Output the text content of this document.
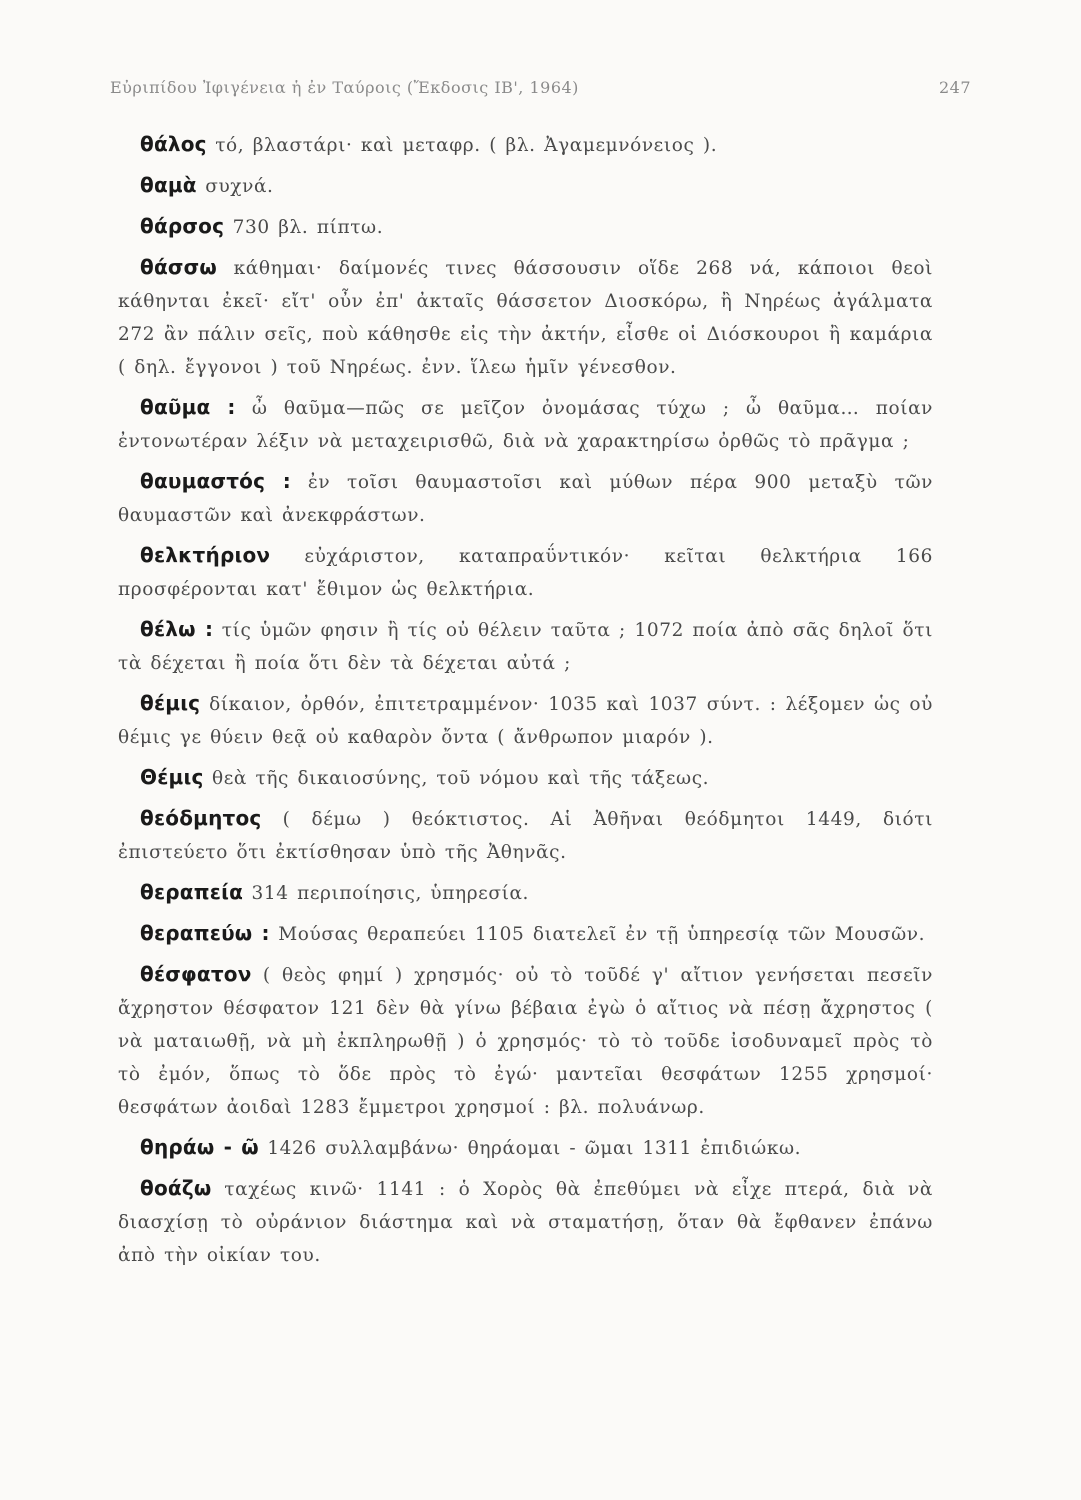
Εὐριπίδου Ἰφιγένεια ἡ ἐν Ταύροις (Ἔκδοσις ΙΒ', 1964)	247

θάλος τό, βλαστάρι· καὶ μεταφρ. ( βλ. Ἀγαμεμνόνειος ).

θαμὰ συχνά.

θάρσος 730 βλ. πίπτω.

θάσσω κάθημαι· δαίμονές τινες θάσσουσιν οἵδε 268 νά, κάποιοι θεοὶ κάθηνται ἐκεῖ· εἴτ' οὖν ἐπ' ἀκταῖς θάσσετον Διοσκόρω, ἢ Νηρέως ἀγάλματα 272 ἂν πάλιν σεῖς, ποὺ κάθησθε εἰς τὴν ἀκτήν, εἶσθε οἱ Διόσκουροι ἢ καμάρια ( δηλ. ἔγγονοι ) τοῦ Νηρέως. ἐνν. ἵλεω ἡμῖν γένεσθον.

θαῦμα : ὦ θαῦμα—πῶς σε μεῖζον ὀνομάσας τύχω ; ὦ θαῦμα… ποίαν ἐντονωτέραν λέξιν νὰ μεταχειρισθῶ, διὰ νὰ χαρακτηρίσω ὀρθῶς τὸ πρᾶγμα ;

θαυμαστός : ἐν τοῖσι θαυμαστοῖσι καὶ μύθων πέρα 900 μεταξὺ τῶν θαυμαστῶν καὶ ἀνεκφράστων.

θελκτήριον εὐχάριστον, καταπραΰντικόν· κεῖται θελκτήρια 166 προσφέρονται κατ' ἔθιμον ὡς θελκτήρια.

θέλω : τίς ὑμῶν φησιν ἢ τίς οὐ θέλειν ταῦτα ; 1072 ποία ἀπὸ σᾶς δηλοῖ ὅτι τὰ δέχεται ἢ ποία ὅτι δὲν τὰ δέχεται αὐτά ;

θέμις δίκαιον, ὀρθόν, ἐπιτετραμμένον· 1035 καὶ 1037 σύντ. : λέξομεν ὡς οὐ θέμις γε θύειν θεᾷ οὐ καθαρὸν ὄντα ( ἄνθρωπον μιαρόν ).

Θέμις θεὰ τῆς δικαιοσύνης, τοῦ νόμου καὶ τῆς τάξεως.

θεόδμητος ( δέμω ) θεόκτιστος. Αἱ Ἀθῆναι θεόδμητοι 1449, διότι ἐπιστεύετο ὅτι ἐκτίσθησαν ὑπὸ τῆς Ἀθηνᾶς.

θεραπεία 314 περιποίησις, ὑπηρεσία.

θεραπεύω : Μούσας θεραπεύει 1105 διατελεῖ ἐν τῇ ὑπηρεσίᾳ τῶν Μουσῶν.

θέσφατον ( θεὸς φημί ) χρησμός· οὐ τὸ τοῦδέ γ' αἴτιον γενήσεται πεσεῖν ἄχρηστον θέσφατον 121 δὲν θὰ γίνω βέβαια ἐγὼ ὁ αἴτιος νὰ πέσῃ ἄχρηστος ( νὰ ματαιωθῇ, νὰ μὴ ἐκπληρωθῇ ) ὁ χρησμός· τὸ τὸ τοῦδε ἰσοδυναμεῖ πρὸς τὸ τὸ ἐμόν, ὅπως τὸ ὅδε πρὸς τὸ ἐγώ· μαντεῖαι θεσφάτων 1255 χρησμοί· θεσφάτων ἀοιδαὶ 1283 ἔμμετροι χρησμοί : βλ. πολυάνωρ.

θηράω - ῶ 1426 συλλαμβάνω· θηράομαι - ῶμαι 1311 ἐπιδιώκω.

θοάζω ταχέως κινῶ· 1141 : ὁ Χορὸς θὰ ἐπεθύμει νὰ εἶχε πτερά, διὰ νὰ διασχίσῃ τὸ οὐράνιον διάστημα καὶ νὰ σταματήσῃ, ὅταν θὰ ἔφθανεν ἐπάνω ἀπὸ τὴν οἰκίαν του.
